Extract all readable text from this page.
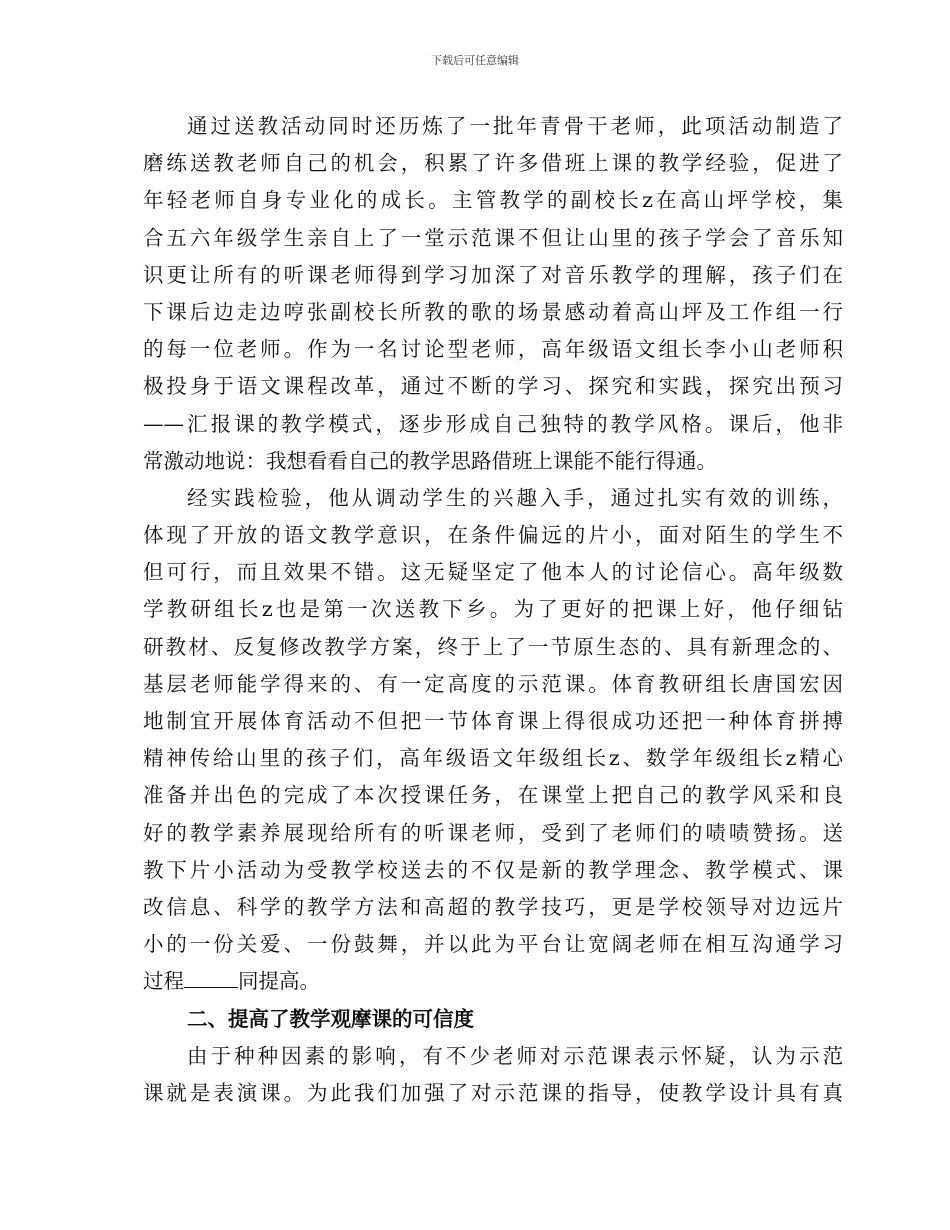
下载后可任意编辑
通过送教活动同时还历炼了一批年青骨干老师，此项活动制造了
磨练送教老师自己的机会，积累了许多借班上课的教学经验，促进了
年轻老师自身专业化的成长。主管教学的副校长z在高山坪学校，集
合五六年级学生亲自上了一堂示范课不但让山里的孩子学会了音乐知
识更让所有的听课老师得到学习加深了对音乐教学的理解，孩子们在
下课后边走边哼张副校长所教的歌的场景感动着高山坪及工作组一行
的每一位老师。作为一名讨论型老师，高年级语文组长李小山老师积
极投身于语文课程改革，通过不断的学习、探究和实践，探究出预习
——汇报课的教学模式，逐步形成自己独特的教学风格。课后，他非
常激动地说：我想看看自己的教学思路借班上课能不能行得通。
经实践检验，他从调动学生的兴趣入手，通过扎实有效的训练，
体现了开放的语文教学意识，在条件偏远的片小，面对陌生的学生不
但可行，而且效果不错。这无疑坚定了他本人的讨论信心。高年级数
学教研组长z也是第一次送教下乡。为了更好的把课上好，他仔细钻
研教材、反复修改教学方案，终于上了一节原生态的、具有新理念的、
基层老师能学得来的、有一定高度的示范课。体育教研组长唐国宏因
地制宜开展体育活动不但把一节体育课上得很成功还把一种体育拼搏
精神传给山里的孩子们，高年级语文年级组长z、数学年级组长z精心
准备并出色的完成了本次授课任务，在课堂上把自己的教学风采和良
好的教学素养展现给所有的听课老师，受到了老师们的啧啧赞扬。送
教下片小活动为受教学校送去的不仅是新的教学理念、教学模式、课
改信息、科学的教学方法和高超的教学技巧，更是学校领导对边远片
小的一份关爱、一份鼓舞，并以此为平台让宽阔老师在相互沟通学习
过程	同提高。
二、提高了教学观摩课的可信度
由于种种因素的影响，有不少老师对示范课表示怀疑，认为示范
课就是表演课。为此我们加强了对示范课的指导，使教学设计具有真
